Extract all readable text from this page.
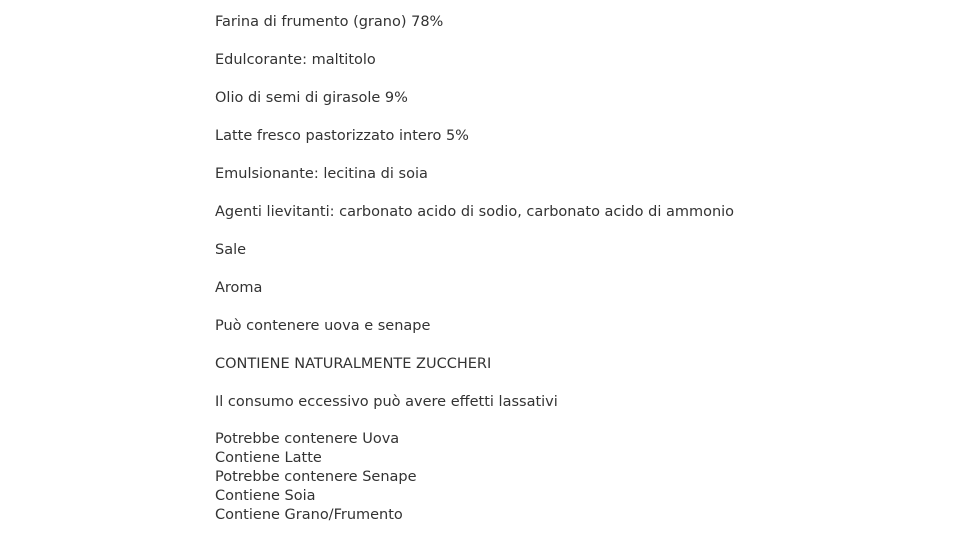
Farina di frumento (grano) 78%
Edulcorante: maltitolo
Olio di semi di girasole 9%
Latte fresco pastorizzato intero 5%
Emulsionante: lecitina di soia
Agenti lievitanti: carbonato acido di sodio, carbonato acido di ammonio
Sale
Aroma
Può contenere uova e senape
CONTIENE NATURALMENTE ZUCCHERI
Il consumo eccessivo può avere effetti lassativi
Potrebbe contenere Uova
Contiene Latte
Potrebbe contenere Senape
Contiene Soia
Contiene Grano/Frumento
